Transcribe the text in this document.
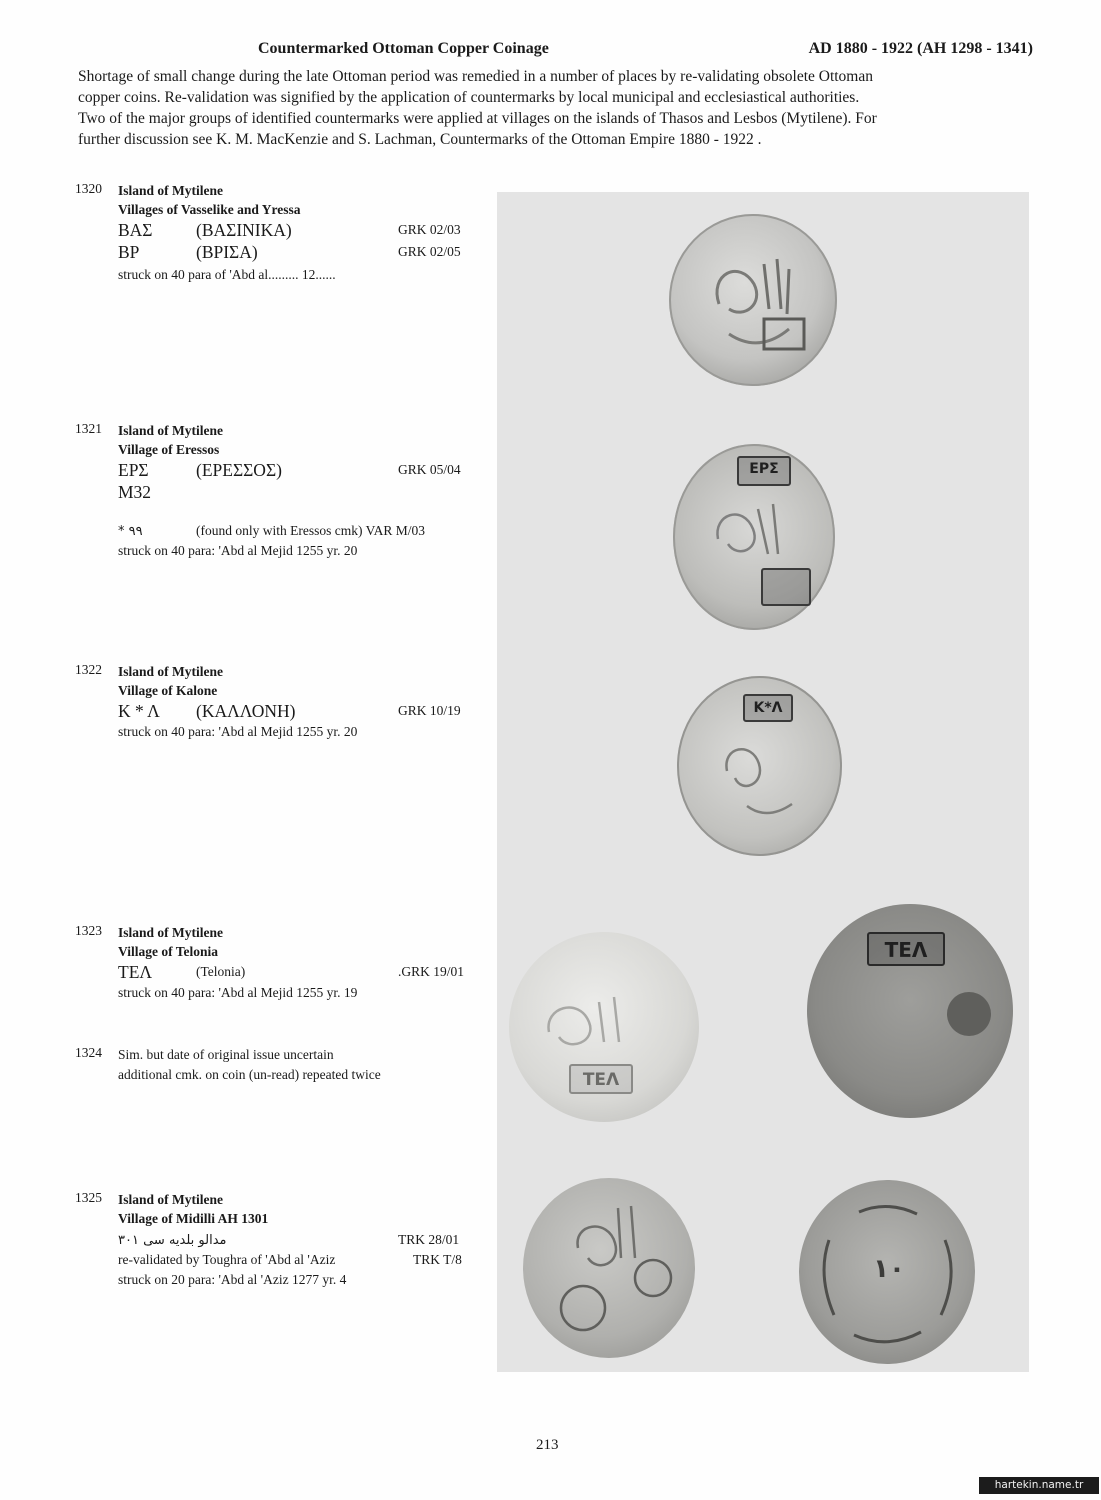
Countermarked Ottoman Copper Coinage	AD 1880 - 1922 (AH 1298 - 1341)

Shortage of small change during the late Ottoman period was remedied in a number of places by re-validating obsolete Ottoman

copper coins. Re-validation was signified by the application of countermarks by local municipal and ecclesiastical authorities.

Two of the major groups of identified countermarks were applied at villages on the islands of Thasos and Lesbos (Mytilene). For

further discussion see K. M. MacKenzie and S. Lachman, Countermarks of the Ottoman Empire 1880 - 1922 .

1320 Island of Mytilene
Villages of Vasselike and Yressa
ΒΑΣ (ΒΑΣΙΝΙΚΑ)	GRK 02/03
ΒΡ	(ΒΡΙΣΑ)	GRK 02/05
struck on 40 para of 'Abd al......... 12......
1321 Island of Mytilene
Village of Eressos
ΕΡΣ	(ΕΡΕΣΣΟΣ)	GRK 05/04
M32
* ٩٩	(found only with Eressos cmk) VAR M/03
struck on 40 para: 'Abd al Mejid 1255 yr. 20
1322 Island of Mytilene
Village of Kalone
Κ * Λ (ΚΑΛΛΟΝΗ)	GRK 10/19
struck on 40 para: 'Abd al Mejid 1255 yr. 20
1323 Island of Mytilene
Village of Telonia
ΤΕΛ	(Telonia)	.GRK 19/01
struck on 40 para: 'Abd al Mejid 1255 yr. 19
1324 Sim. but date of original issue uncertain
additional cmk. on coin (un-read) repeated twice
1325 Island of Mytilene
Village of Midilli AH 1301
مدالو بلديه سى ۳۰۱	TRK 28/01
re-validated by Toughra of 'Abd al 'Aziz	TRK T/8
struck on 20 para: 'Abd al 'Aziz 1277 yr. 4
ΕΡΣ
Κ*Λ
ΤΕΛ
ΤΕΛ
١٠
213
hartekin.name.tr
